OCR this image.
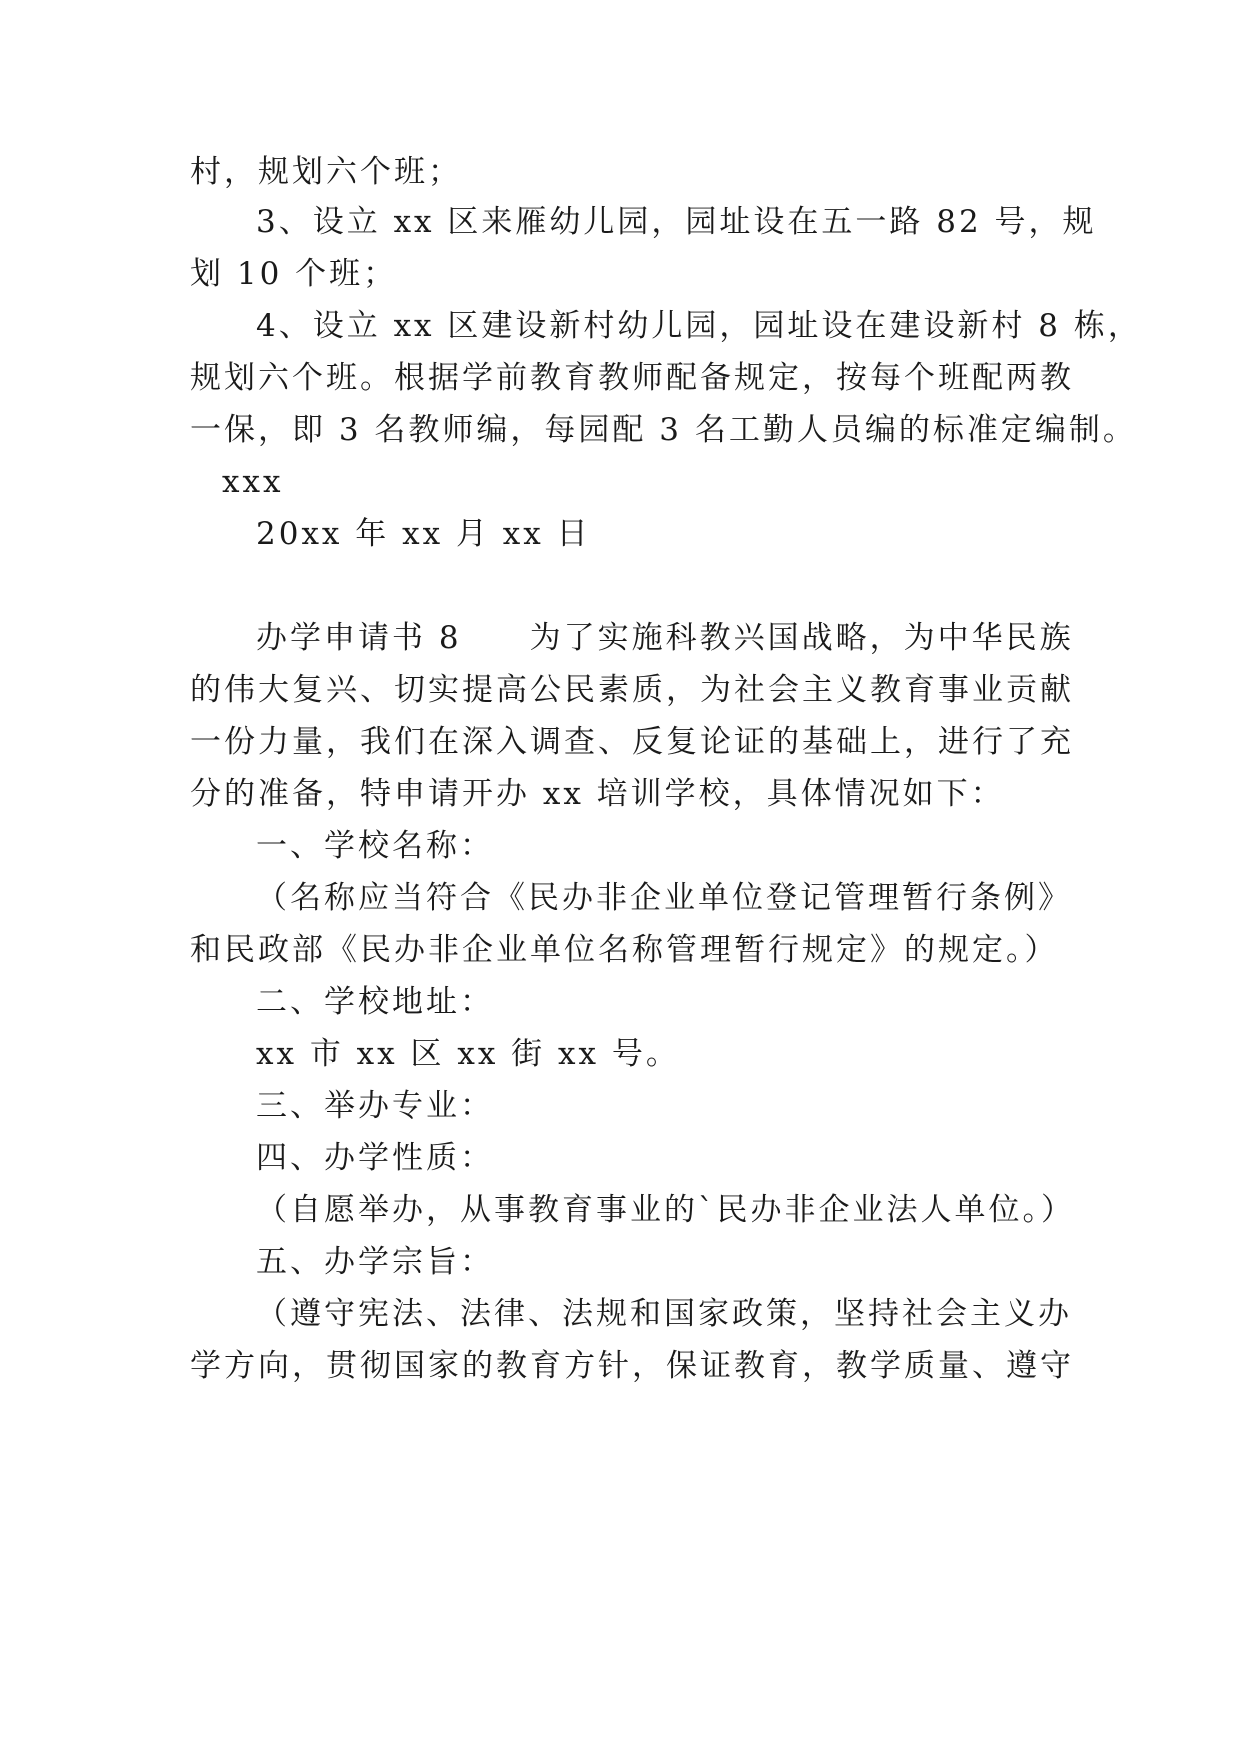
村，规划六个班；
3、设立 xx 区来雁幼儿园，园址设在五一路 82 号，规
划 10 个班；
4、设立 xx 区建设新村幼儿园，园址设在建设新村 8 栋，
规划六个班。根据学前教育教师配备规定，按每个班配两教
一保，即 3 名教师编，每园配 3 名工勤人员编的标准定编制。
xxx
20xx 年 xx 月 xx 日
办学申请书 8　　为了实施科教兴国战略，为中华民族
的伟大复兴、切实提高公民素质，为社会主义教育事业贡献
一份力量，我们在深入调查、反复论证的基础上，进行了充
分的准备，特申请开办 xx 培训学校，具体情况如下：
一、学校名称：
（名称应当符合《民办非企业单位登记管理暂行条例》
和民政部《民办非企业单位名称管理暂行规定》的规定。）
二、学校地址：
xx 市 xx 区 xx 街 xx 号。
三、举办专业：
四、办学性质：
（自愿举办，从事教育事业的`民办非企业法人单位。）
五、办学宗旨：
（遵守宪法、法律、法规和国家政策，坚持社会主义办
学方向，贯彻国家的教育方针，保证教育，教学质量、遵守
